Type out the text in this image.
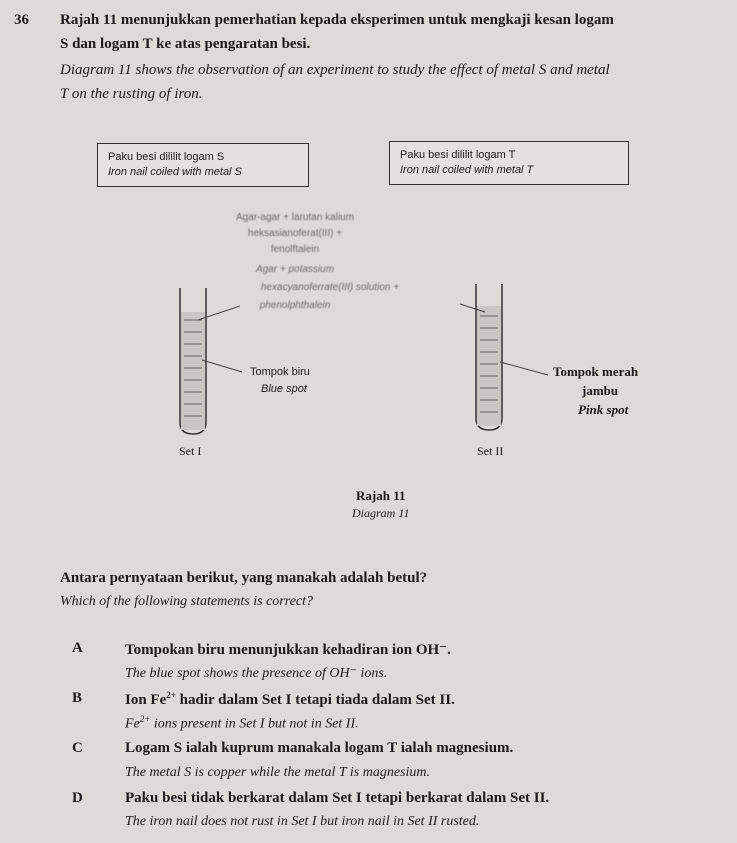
36 Rajah 11 menunjukkan pemerhatian kepada eksperimen untuk mengkaji kesan logam
S dan logam T ke atas pengaratan besi.
Diagram 11 shows the observation of an experiment to study the effect of metal S and metal
T on the rusting of iron.
Paku besi dililit logam S
Iron nail coiled with metal S
Paku besi dililit logam T
Iron nail coiled with metal T
Agar-agar + larutan kalium
heksasianoferat(III) +
fenolftalein
Agar + potassium
hexacyanoferrate(III) solution +
phenolphthalein
Tompok biru
Blue spot
Tompok merah
jambu
Pink spot
Set I	Set II
Rajah 11
Diagram 11
Antara pernyataan berikut, yang manakah adalah betul?
Which of the following statements is correct?
A	Tompokan biru menunjukkan kehadiran ion OH⁻.
The blue spot shows the presence of OH⁻ ions.
B	Ion $Fe^{2+}$ hadir dalam Set I tetapi tiada dalam Set II.
$Fe^{2+}$ ions present in Set I but not in Set II.
C	Logam S ialah kuprum manakala logam T ialah magnesium.
The metal S is copper while the metal T is magnesium.
D	Paku besi tidak berkarat dalam Set I tetapi berkarat dalam Set II.
The iron nail does not rust in Set I but iron nail in Set II rusted.
